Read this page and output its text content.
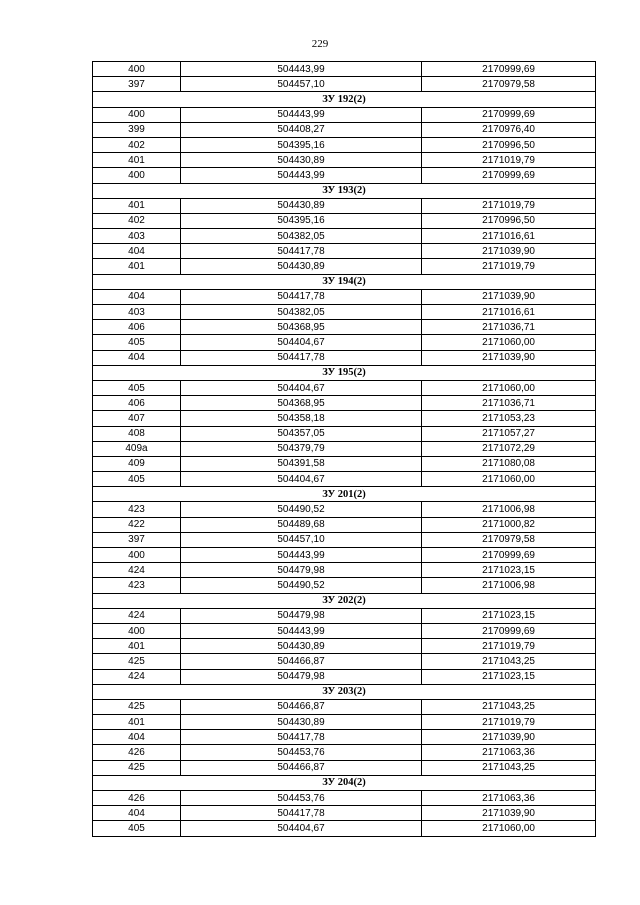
229
400	504443,99	2170999,69
397	504457,10	2170979,58
ЗУ 192(2)		
400	504443,99	2170999,69
399	504408,27	2170976,40
402	504395,16	2170996,50
401	504430,89	2171019,79
400	504443,99	2170999,69
ЗУ 193(2)		
401	504430,89	2171019,79
402	504395,16	2170996,50
403	504382,05	2171016,61
404	504417,78	2171039,90
401	504430,89	2171019,79
ЗУ 194(2)		
404	504417,78	2171039,90
403	504382,05	2171016,61
406	504368,95	2171036,71
405	504404,67	2171060,00
404	504417,78	2171039,90
ЗУ 195(2)		
405	504404,67	2171060,00
406	504368,95	2171036,71
407	504358,18	2171053,23
408	504357,05	2171057,27
409а	504379,79	2171072,29
409	504391,58	2171080,08
405	504404,67	2171060,00
ЗУ 201(2)		
423	504490,52	2171006,98
422	504489,68	2171000,82
397	504457,10	2170979,58
400	504443,99	2170999,69
424	504479,98	2171023,15
423	504490,52	2171006,98
ЗУ 202(2)		
424	504479,98	2171023,15
400	504443,99	2170999,69
401	504430,89	2171019,79
425	504466,87	2171043,25
424	504479,98	2171023,15
ЗУ 203(2)		
425	504466,87	2171043,25
401	504430,89	2171019,79
404	504417,78	2171039,90
426	504453,76	2171063,36
425	504466,87	2171043,25
ЗУ 204(2)		
426	504453,76	2171063,36
404	504417,78	2171039,90
405	504404,67	2171060,00
